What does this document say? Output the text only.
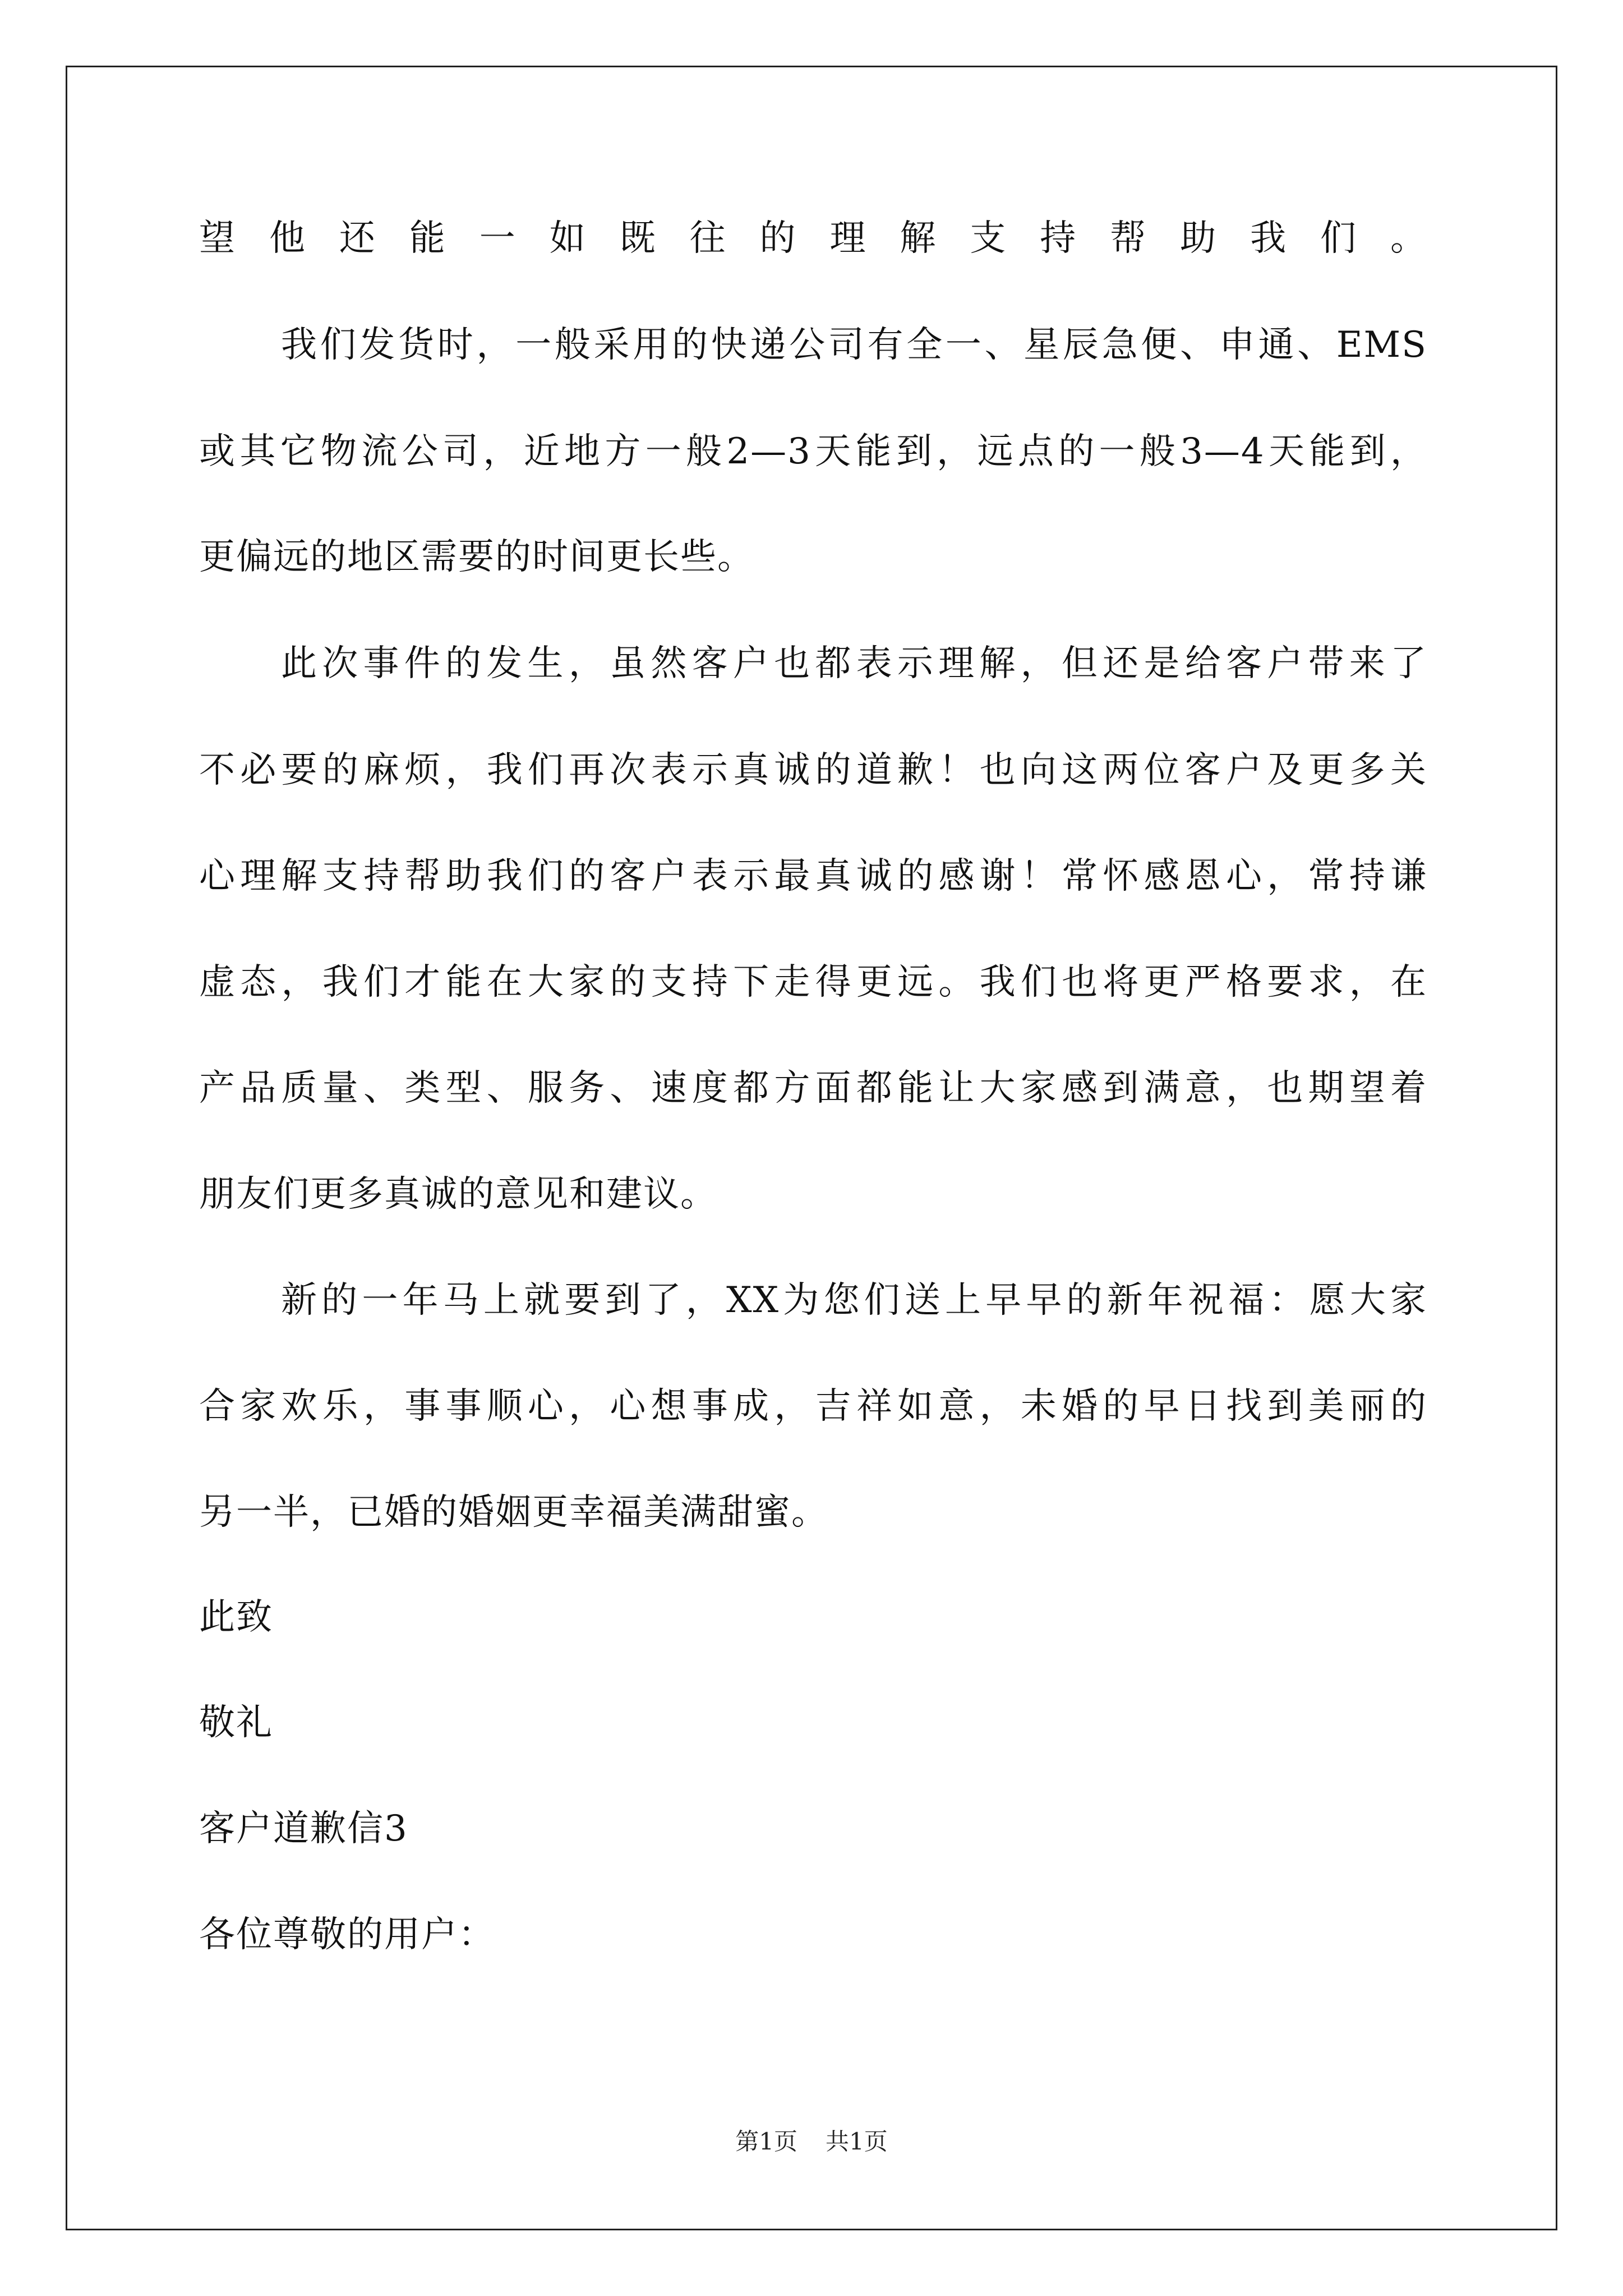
望他还能一如既往的理解支持帮助我们。
我们发货时，一般采用的快递公司有全一、星辰急便、申通、EMS
或其它物流公司，近地方一般2—3天能到，远点的一般3—4天能到，
更偏远的地区需要的时间更长些。
此次事件的发生，虽然客户也都表示理解，但还是给客户带来了
不必要的麻烦，我们再次表示真诚的道歉！也向这两位客户及更多关
心理解支持帮助我们的客户表示最真诚的感谢！常怀感恩心，常持谦
虚态，我们才能在大家的支持下走得更远。我们也将更严格要求，在
产品质量、类型、服务、速度都方面都能让大家感到满意，也期望着
朋友们更多真诚的意见和建议。
新的一年马上就要到了，XX为您们送上早早的新年祝福：愿大家
合家欢乐，事事顺心，心想事成，吉祥如意，未婚的早日找到美丽的
另一半，已婚的婚姻更幸福美满甜蜜。
此致
敬礼
客户道歉信3
各位尊敬的用户：
第1页 共1页
